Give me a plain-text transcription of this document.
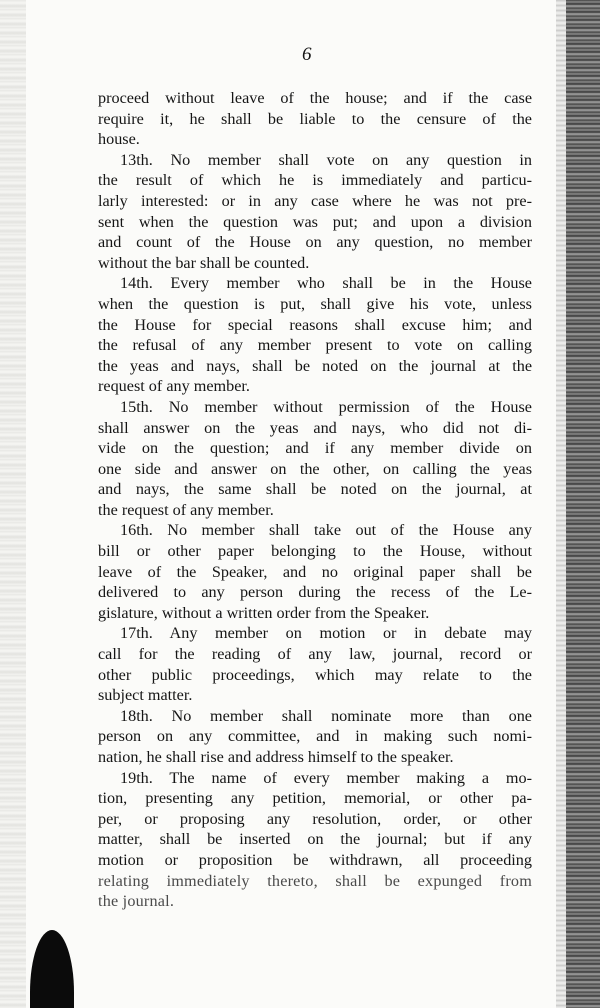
6
proceed without leave of the house; and if the case
require it, he shall be liable to the censure of the
house.
13th. No member shall vote on any question in
the result of which he is immediately and particu-
larly interested: or in any case where he was not pre-
sent when the question was put; and upon a division
and count of the House on any question, no member
without the bar shall be counted.
14th. Every member who shall be in the House
when the question is put, shall give his vote, unless
the House for special reasons shall excuse him; and
the refusal of any member present to vote on calling
the yeas and nays, shall be noted on the journal at the
request of any member.
15th. No member without permission of the House
shall answer on the yeas and nays, who did not di-
vide on the question; and if any member divide on
one side and answer on the other, on calling the yeas
and nays, the same shall be noted on the journal, at
the request of any member.
16th. No member shall take out of the House any
bill or other paper belonging to the House, without
leave of the Speaker, and no original paper shall be
delivered to any person during the recess of the Le-
gislature, without a written order from the Speaker.
17th. Any member on motion or in debate may
call for the reading of any law, journal, record or
other public proceedings, which may relate to the
subject matter.
18th. No member shall nominate more than one
person on any committee, and in making such nomi-
nation, he shall rise and address himself to the speaker.
19th. The name of every member making a mo-
tion, presenting any petition, memorial, or other pa-
per, or proposing any resolution, order, or other
matter, shall be inserted on the journal; but if any
motion or proposition be withdrawn, all proceeding
relating immediately thereto, shall be expunged from
the journal.
